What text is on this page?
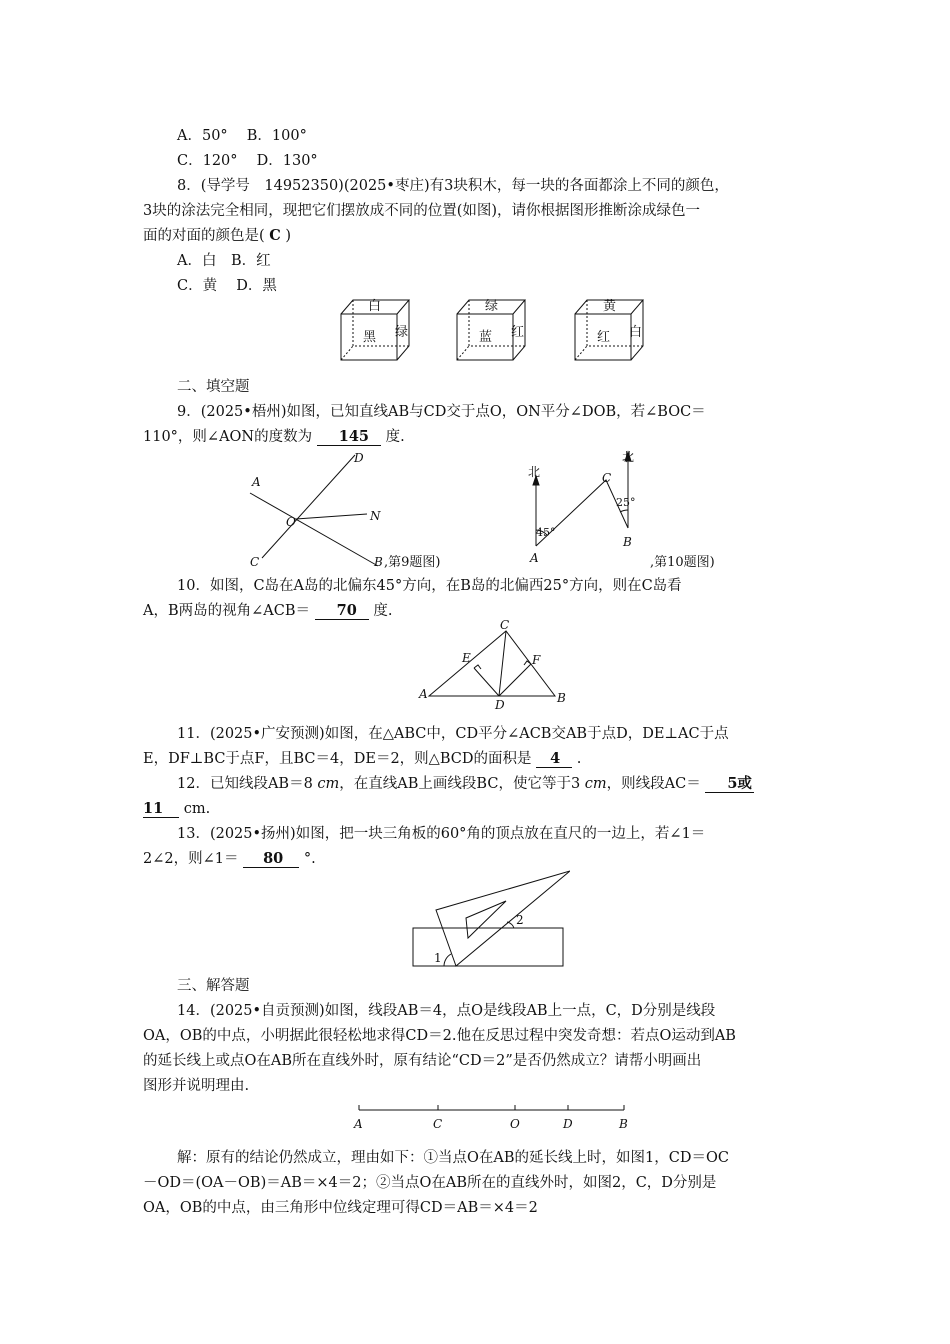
A．50°　 B．100°
C．120°　 D．130°
8．(导学号　14952350)(2025•枣庄)有3块积木，每一块的各面都涂上不同的颜色，
3块的涂法完全相同，现把它们摆放成不同的位置(如图)，请你根据图形推断涂成绿色一
面的对面的颜色是( C )
A．白　B．红
C．黄　 D．黑
白
黑 绿
绿
蓝 红
黄
红 白
二、填空题
9．(2025•梧州)如图，已知直线AB与CD交于点O，ON平分∠DOB，若∠BOC＝
110°，则∠AON的度数为 145 度.
A
D
O	N
C	B ,第9题图)
北
北
45°
25°
C
A
B
,第10题图)
10．如图，C岛在A岛的北偏东45°方向，在B岛的北偏西25°方向，则在C岛看
A，B两岛的视角∠ACB＝ 70 度.
A	B
C
D
E	F
11．(2025•广安预测)如图，在△ABC中，CD平分∠ACB交AB于点D，DE⊥AC于点
E，DF⊥BC于点F，且BC＝4，DE＝2，则△BCD的面积是 4 .
12．已知线段AB＝8 cm，在直线AB上画线段BC，使它等于3 cm，则线段AC＝ 5或
11 cm.
13．(2025•扬州)如图，把一块三角板的60°角的顶点放在直尺的一边上，若∠1＝
2∠2，则∠1＝ 80 °.
1
2
三、解答题
14．(2025•自贡预测)如图，线段AB＝4，点O是线段AB上一点，C，D分别是线段
OA，OB的中点，小明据此很轻松地求得CD＝2.他在反思过程中突发奇想：若点O运动到AB
的延长线上或点O在AB所在直线外时，原有结论“CD＝2”是否仍然成立？请帮小明画出
图形并说明理由.
A	C	O	D	B
解：原有的结论仍然成立，理由如下：①当点O在AB的延长线上时，如图1，CD＝OC
－OD＝(OA－OB)＝AB＝×4＝2；②当点O在AB所在的直线外时，如图2，C，D分别是
OA，OB的中点，由三角形中位线定理可得CD＝AB＝×4＝2
